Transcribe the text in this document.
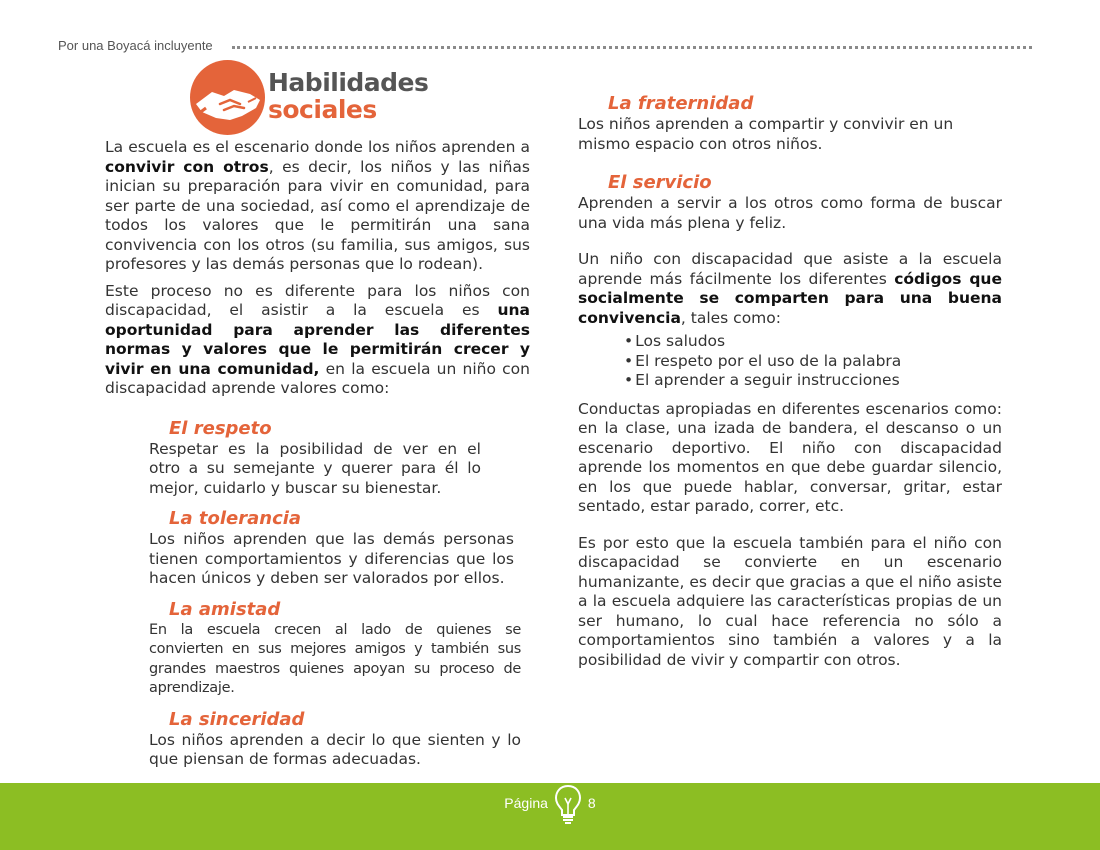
Por una Boyacá incluyente
Habilidades
sociales

La escuela es el escenario donde los niños aprenden a convivir con otros, es decir, los niños y las niñas inician su preparación para vivir en comunidad, para ser parte de una sociedad, así como el aprendizaje de todos los valores que le permitirán una sana convivencia con los otros (su familia, sus amigos, sus profesores y las demás personas que lo rodean).

Este proceso no es diferente para los niños con discapacidad, el asistir a la escuela es una oportunidad para aprender las diferentes normas y valores que le permitirán crecer y vivir en una comunidad, en la escuela un niño con discapacidad aprende valores como:

El respeto

Respetar es la posibilidad de ver en el otro a su semejante y querer para él lo mejor, cuidarlo y buscar su bienestar.

La tolerancia

Los niños aprenden que las demás personas tienen comportamientos y diferencias que los hacen únicos y deben ser valorados por ellos.

La amistad

En la escuela crecen al lado de quienes se convierten en sus mejores amigos y también sus grandes maestros quienes apoyan su proceso de aprendizaje.

La sinceridad

Los niños aprenden a decir lo que sienten y lo que piensan de formas adecuadas.

La fraternidad

Los niños aprenden a compartir y convivir en un mismo espacio con otros niños.

El servicio

Aprenden a servir a los otros como forma de buscar una vida más plena y feliz.

Un niño con discapacidad que asiste a la escuela aprende más fácilmente los diferentes códigos que socialmente se comparten para una buena convivencia, tales como:

• Los saludos
• El respeto por el uso de la palabra
• El aprender a seguir instrucciones

Conductas apropiadas en diferentes escenarios como: en la clase, una izada de bandera, el descanso o un escenario deportivo. El niño con discapacidad aprende los momentos en que debe guardar silencio, en los que puede hablar, conversar, gritar, estar sentado, estar parado, correr, etc.

Es por esto que la escuela también para el niño con discapacidad se convierte en un escenario humanizante, es decir que gracias a que el niño asiste a la escuela adquiere las características propias de un ser humano, lo cual hace referencia no sólo a comportamientos sino también a valores y a la posibilidad de vivir y compartir con otros.

Página	8
